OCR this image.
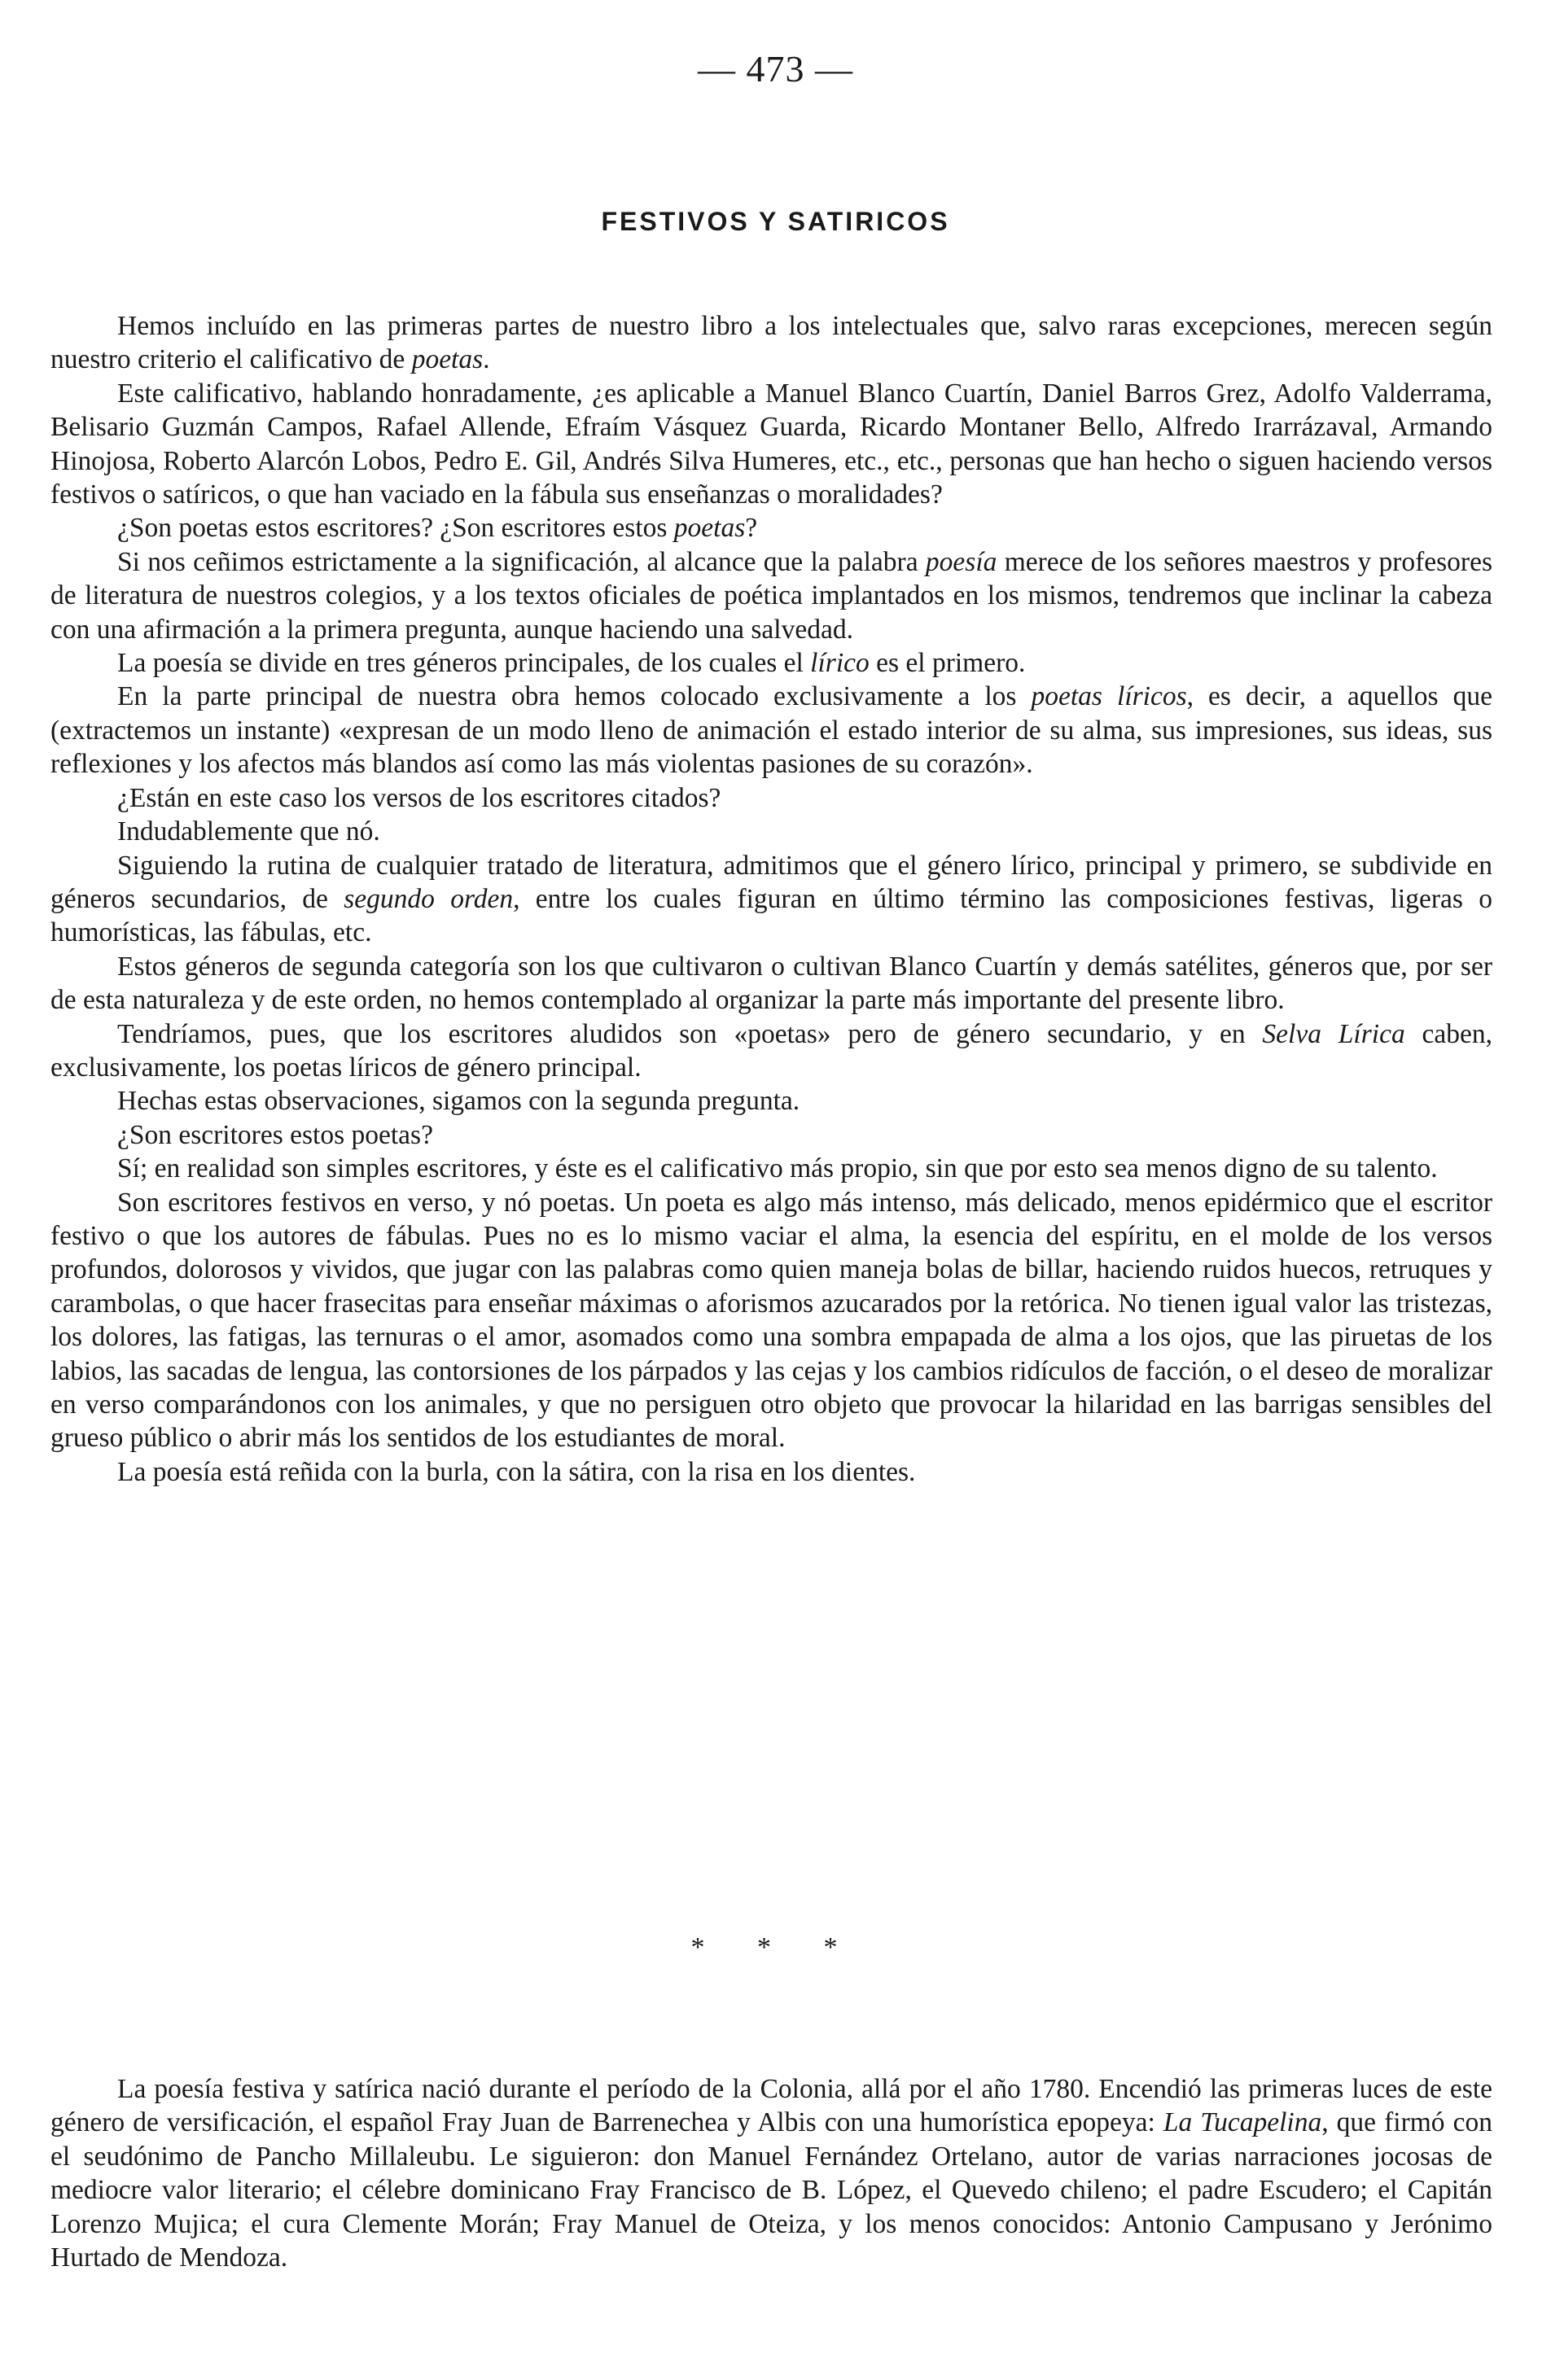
— 473 —
FESTIVOS Y SATIRICOS

Hemos incluído en las primeras partes de nuestro libro a los intelectuales que, salvo raras excepciones, merecen según nuestro criterio el calificativo de poetas.

Este calificativo, hablando honradamente, ¿es aplicable a Manuel Blanco Cuartín, Daniel Barros Grez, Adolfo Valderrama, Belisario Guzmán Campos, Rafael Allende, Efraím Vásquez Guarda, Ricardo Montaner Bello, Alfredo Irarrázaval, Armando Hinojosa, Roberto Alarcón Lobos, Pedro E. Gil, Andrés Silva Humeres, etc., etc., personas que han hecho o siguen haciendo versos festivos o satíricos, o que han vaciado en la fábula sus enseñanzas o moralidades?

¿Son poetas estos escritores? ¿Son escritores estos poetas?

Si nos ceñimos estrictamente a la significación, al alcance que la palabra poesía merece de los señores maestros y profesores de literatura de nuestros colegios, y a los textos oficiales de poética implantados en los mismos, tendremos que inclinar la cabeza con una afirmación a la primera pregunta, aunque haciendo una salvedad.

La poesía se divide en tres géneros principales, de los cuales el lírico es el primero.

En la parte principal de nuestra obra hemos colocado exclusivamente a los poetas líricos, es decir, a aquellos que (extractemos un instante) «expresan de un modo lleno de animación el estado interior de su alma, sus impresiones, sus ideas, sus reflexiones y los afectos más blandos así como las más violentas pasiones de su corazón».

¿Están en este caso los versos de los escritores citados?

Indudablemente que nó.

Siguiendo la rutina de cualquier tratado de literatura, admitimos que el género lírico, principal y primero, se subdivide en géneros secundarios, de segundo orden, entre los cuales figuran en último término las composiciones festivas, ligeras o humorísticas, las fábulas, etc.

Estos géneros de segunda categoría son los que cultivaron o cultivan Blanco Cuartín y demás satélites, géneros que, por ser de esta naturaleza y de este orden, no hemos contemplado al organizar la parte más importante del presente libro.

Tendríamos, pues, que los escritores aludidos son «poetas» pero de género secundario, y en Selva Lírica caben, exclusivamente, los poetas líricos de género principal.

Hechas estas observaciones, sigamos con la segunda pregunta.

¿Son escritores estos poetas?

Sí; en realidad son simples escritores, y éste es el calificativo más propio, sin que por esto sea menos digno de su talento.

Son escritores festivos en verso, y nó poetas. Un poeta es algo más intenso, más delicado, menos epidérmico que el escritor festivo o que los autores de fábulas. Pues no es lo mismo vaciar el alma, la esencia del espíritu, en el molde de los versos profundos, dolorosos y vividos, que jugar con las palabras como quien maneja bolas de billar, haciendo ruidos huecos, retruques y carambolas, o que hacer frasecitas para enseñar máximas o aforismos azucarados por la retórica. No tienen igual valor las tristezas, los dolores, las fatigas, las ternuras o el amor, asomados como una sombra empapada de alma a los ojos, que las piruetas de los labios, las sacadas de lengua, las contorsiones de los párpados y las cejas y los cambios ridículos de facción, o el deseo de moralizar en verso comparándonos con los animales, y que no persiguen otro objeto que provocar la hilaridad en las barrigas sensibles del grueso público o abrir más los sentidos de los estudiantes de moral.

La poesía está reñida con la burla, con la sátira, con la risa en los dientes.

* * *

La poesía festiva y satírica nació durante el período de la Colonia, allá por el año 1780. Encendió las primeras luces de este género de versificación, el español Fray Juan de Barrenechea y Albis con una humorística epopeya: La Tucapelina, que firmó con el seudónimo de Pancho Millaleubu. Le siguieron: don Manuel Fernández Ortelano, autor de varias narraciones jocosas de mediocre valor literario; el célebre dominicano Fray Francisco de B. López, el Quevedo chileno; el padre Escudero; el Capitán Lorenzo Mujica; el cura Clemente Morán; Fray Manuel de Oteiza, y los menos conocidos: Antonio Campusano y Jerónimo Hurtado de Mendoza.
